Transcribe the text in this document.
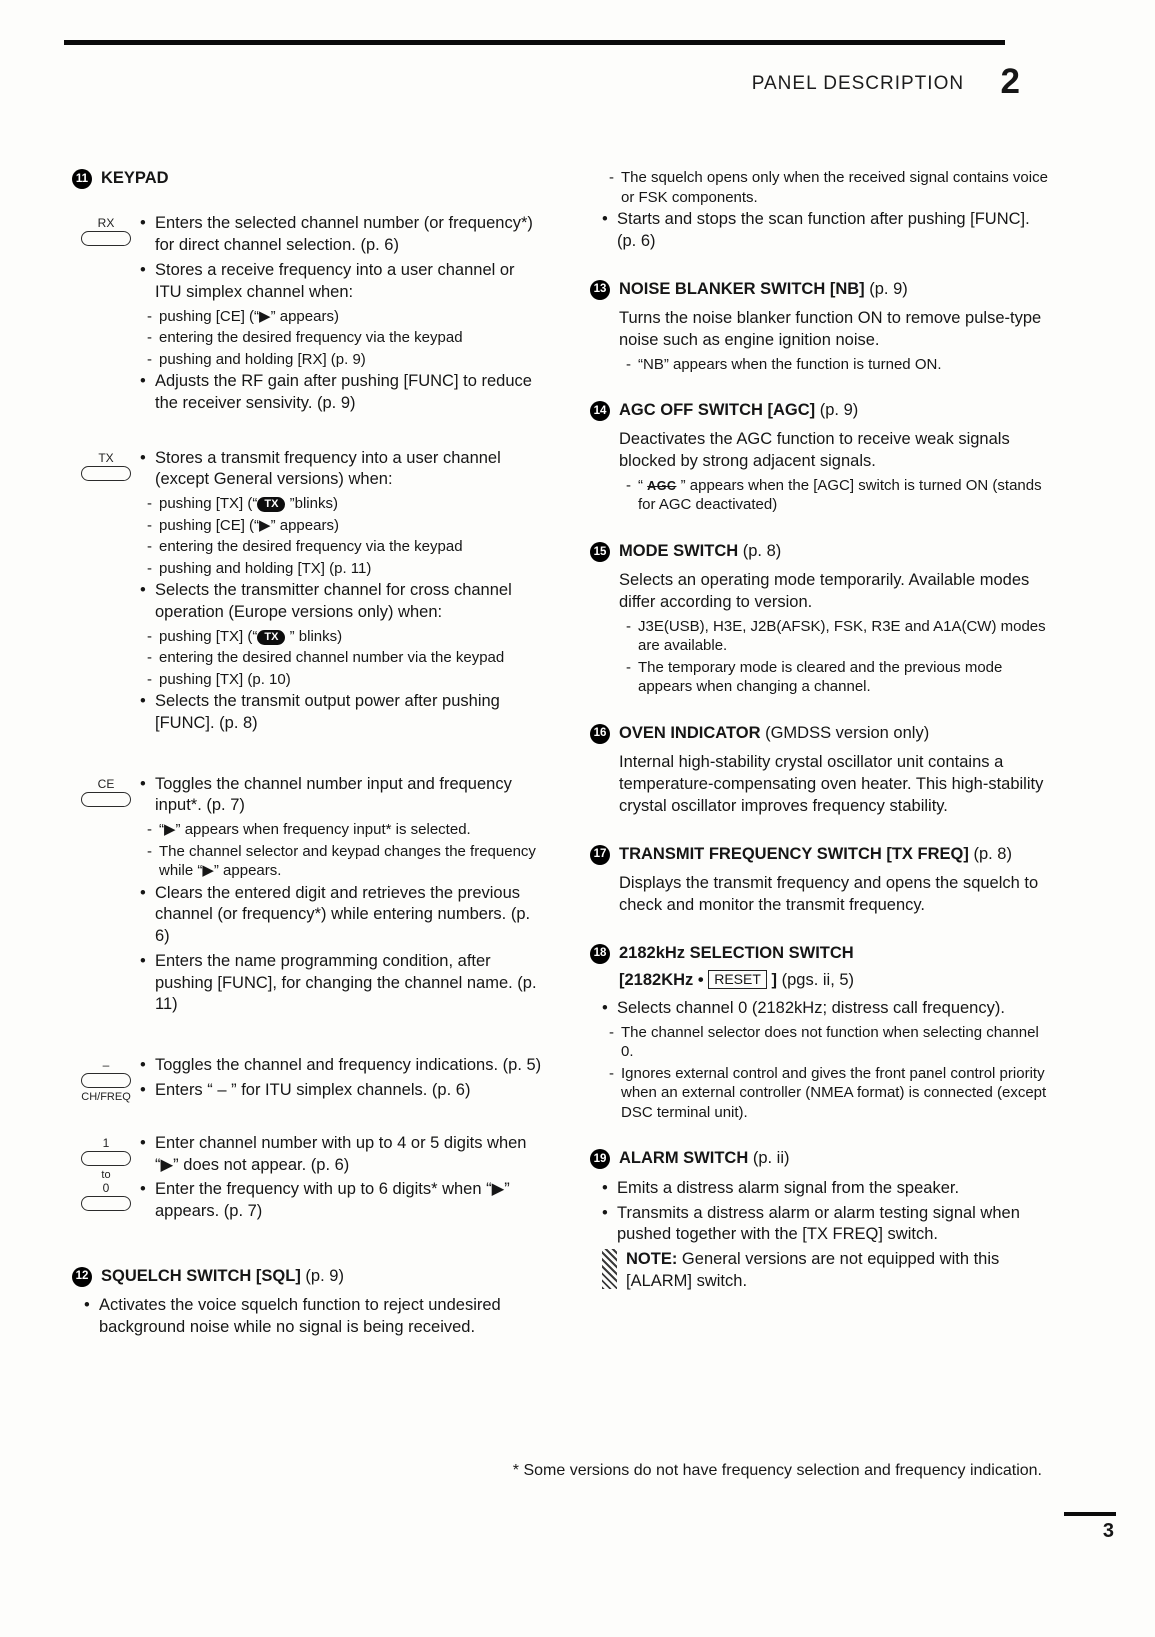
PANEL DESCRIPTION 2
11 KEYPAD
RX	• Enters the selected channel number (or frequency*) for direct channel selection. (p. 6)
• Stores a receive frequency into a user channel or ITU simplex channel when:
- pushing [CE] (“▶” appears)
- entering the desired frequency via the keypad
- pushing and holding [RX] (p. 9)
• Adjusts the RF gain after pushing [FUNC] to reduce the receiver sensivity. (p. 9)
TX	• Stores a transmit frequency into a user channel (except General versions) when:
- pushing [TX] (“ TX ”blinks)
- pushing [CE] (“▶” appears)
- entering the desired frequency via the keypad
- pushing and holding [TX] (p. 11)
• Selects the transmitter channel for cross channel operation (Europe versions only) when:
- pushing [TX] (“ TX ” blinks)
- entering the desired channel number via the keypad
- pushing [TX] (p. 10)
• Selects the transmit output power after pushing [FUNC]. (p. 8)
CE	• Toggles the channel number input and frequency input*. (p. 7)
- “▶” appears when frequency input* is selected.
- The channel selector and keypad changes the frequency while “▶” appears.
• Clears the entered digit and retrieves the previous channel (or frequency*) while entering numbers. (p. 6)
• Enters the name programming condition, after pushing [FUNC], for changing the channel name. (p. 11)
–
CH/FREQ
• Toggles the channel and frequency indications. (p. 5)
• Enters “ – ” for ITU simplex channels. (p. 6)
1
to
0
• Enter channel number with up to 4 or 5 digits when “▶” does not appear. (p. 6)
• Enter the frequency with up to 6 digits* when “▶” appears. (p. 7)
12 SQUELCH SWITCH [SQL] (p. 9)
• Activates the voice squelch function to reject undesired background noise while no signal is being received.
- The squelch opens only when the received signal contains voice or FSK components.
• Starts and stops the scan function after pushing [FUNC]. (p. 6)
13 NOISE BLANKER SWITCH [NB] (p. 9)
Turns the noise blanker function ON to remove pulse-type noise such as engine ignition noise.
- “NB” appears when the function is turned ON.
14 AGC OFF SWITCH [AGC] (p. 9)
Deactivates the AGC function to receive weak signals blocked by strong adjacent signals.
- “ AGC ” appears when the [AGC] switch is turned ON (stands for AGC deactivated)
15 MODE SWITCH (p. 8)
Selects an operating mode temporarily. Available modes differ according to version.
- J3E(USB), H3E, J2B(AFSK), FSK, R3E and A1A(CW) modes are available.
- The temporary mode is cleared and the previous mode appears when changing a channel.
16 OVEN INDICATOR (GMDSS version only)
Internal high-stability crystal oscillator unit contains a temperature-compensating oven heater. This high-stability crystal oscillator improves frequency stability.
17 TRANSMIT FREQUENCY SWITCH [TX FREQ] (p. 8)
Displays the transmit frequency and opens the squelch to check and monitor the transmit frequency.
18 2182kHz SELECTION SWITCH
[2182KHz • RESET ] (pgs. ii, 5)
• Selects channel 0 (2182kHz; distress call frequency).
- The channel selector does not function when selecting channel 0.
- Ignores external control and gives the front panel control priority when an external controller (NMEA format) is connected (except DSC terminal unit).
19 ALARM SWITCH (p. ii)
• Emits a distress alarm signal from the speaker.
• Transmits a distress alarm or alarm testing signal when pushed together with the [TX FREQ] switch.
NOTE: General versions are not equipped with this [ALARM] switch.
* Some versions do not have frequency selection and frequency indication.
3
